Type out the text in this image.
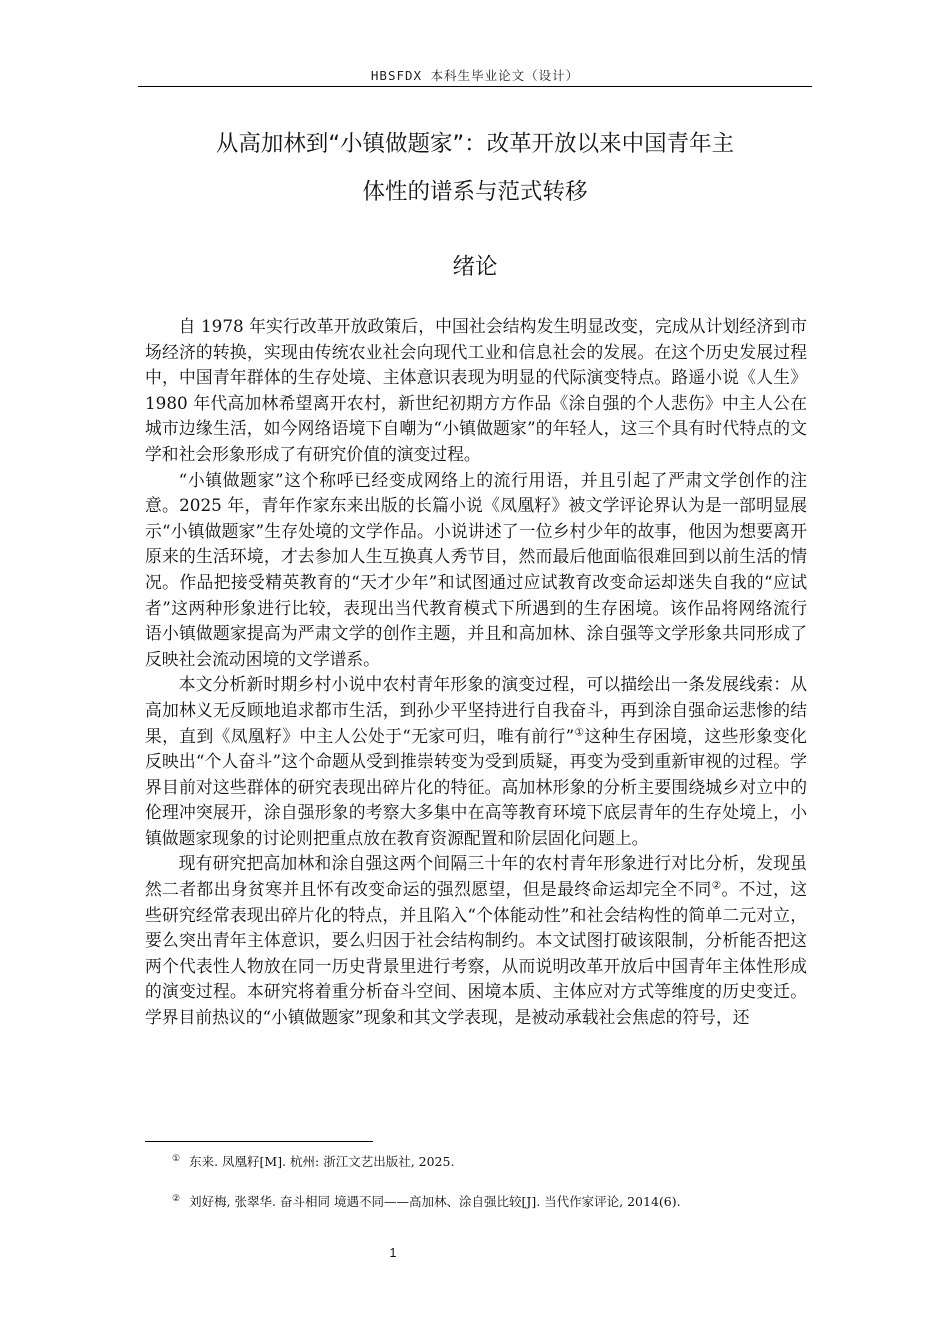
HBSFDX 本科生毕业论文（设计）
从高加林到“小镇做题家”：改革开放以来中国青年主
体性的谱系与范式转移
绪论

自 1978 年实行改革开放政策后，中国社会结构发生明显改变，完成从计划经济到市场经济的转换，实现由传统农业社会向现代工业和信息社会的发展。在这个历史发展过程中，中国青年群体的生存处境、主体意识表现为明显的代际演变特点。路遥小说《人生》1980 年代高加林希望离开农村，新世纪初期方方作品《涂自强的个人悲伤》中主人公在城市边缘生活，如今网络语境下自嘲为“小镇做题家”的年轻人，这三个具有时代特点的文学和社会形象形成了有研究价值的演变过程。

“小镇做题家”这个称呼已经变成网络上的流行用语，并且引起了严肃文学创作的注意。2025 年，青年作家东来出版的长篇小说《凤凰籽》被文学评论界认为是一部明显展示“小镇做题家”生存处境的文学作品。小说讲述了一位乡村少年的故事，他因为想要离开原来的生活环境，才去参加人生互换真人秀节目，然而最后他面临很难回到以前生活的情况。作品把接受精英教育的“天才少年”和试图通过应试教育改变命运却迷失自我的“应试者”这两种形象进行比较，表现出当代教育模式下所遇到的生存困境。该作品将网络流行语小镇做题家提高为严肃文学的创作主题，并且和高加林、涂自强等文学形象共同形成了反映社会流动困境的文学谱系。

本文分析新时期乡村小说中农村青年形象的演变过程，可以描绘出一条发展线索：从高加林义无反顾地追求都市生活，到孙少平坚持进行自我奋斗，再到涂自强命运悲惨的结果，直到《凤凰籽》中主人公处于“无家可归，唯有前行”①这种生存困境，这些形象变化反映出“个人奋斗”这个命题从受到推崇转变为受到质疑，再变为受到重新审视的过程。学界目前对这些群体的研究表现出碎片化的特征。高加林形象的分析主要围绕城乡对立中的伦理冲突展开，涂自强形象的考察大多集中在高等教育环境下底层青年的生存处境上，小镇做题家现象的讨论则把重点放在教育资源配置和阶层固化问题上。

现有研究把高加林和涂自强这两个间隔三十年的农村青年形象进行对比分析，发现虽然二者都出身贫寒并且怀有改变命运的强烈愿望，但是最终命运却完全不同②。不过，这些研究经常表现出碎片化的特点，并且陷入“个体能动性”和社会结构性的简单二元对立，要么突出青年主体意识，要么归因于社会结构制约。本文试图打破该限制，分析能否把这两个代表性人物放在同一历史背景里进行考察，从而说明改革开放后中国青年主体性形成的演变过程。本研究将着重分析奋斗空间、困境本质、主体应对方式等维度的历史变迁。学界目前热议的“小镇做题家”现象和其文学表现，是被动承载社会焦虑的符号，还

① 东来. 凤凰籽[M]. 杭州: 浙江文艺出版社, 2025.
② 刘好梅, 张翠华. 奋斗相同 境遇不同——高加林、涂自强比较[J]. 当代作家评论, 2014(6).
1
